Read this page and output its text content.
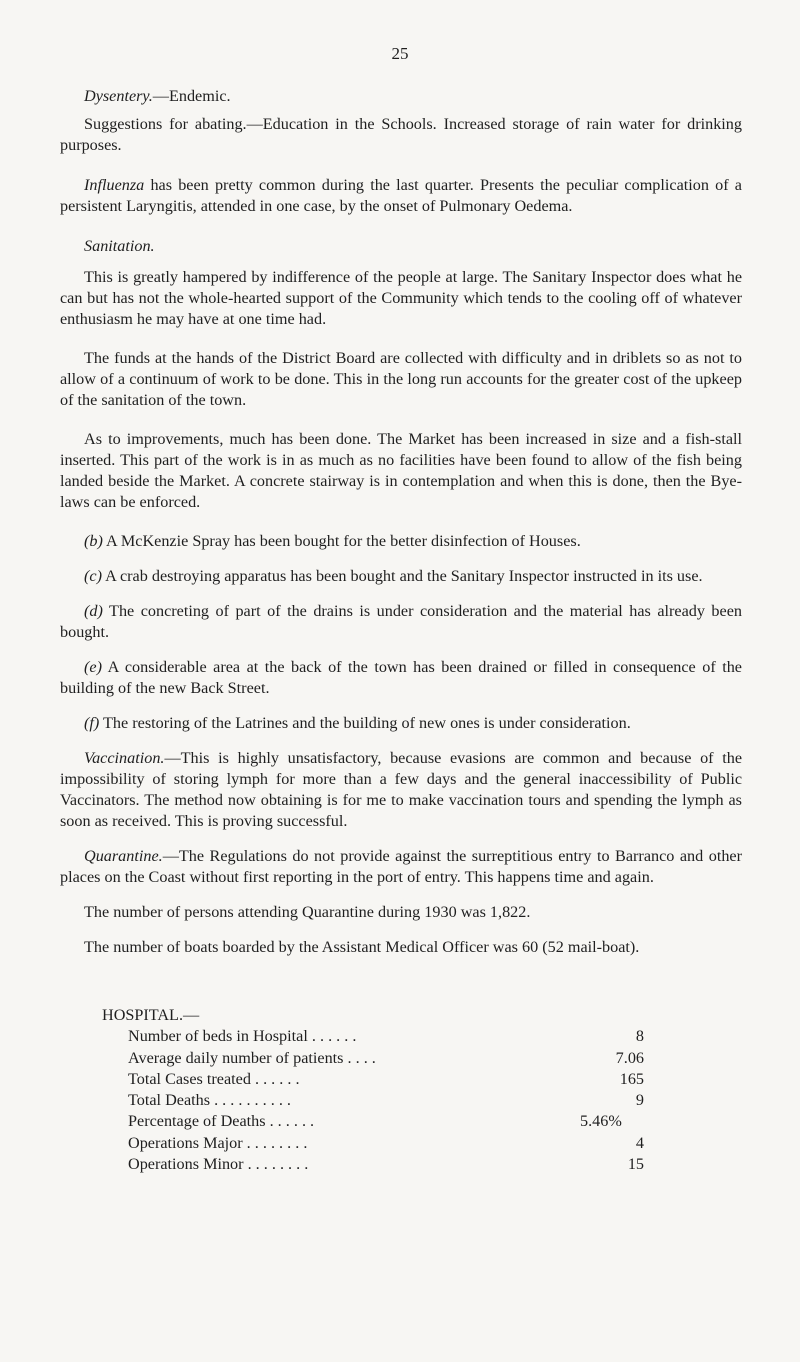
25

Dysentery.—Endemic.

Suggestions for abating.—Education in the Schools. Increased storage of rain water for drinking purposes.

Influenza has been pretty common during the last quarter. Presents the peculiar complication of a persistent Laryngitis, attended in one case, by the onset of Pulmonary Oedema.

Sanitation.

This is greatly hampered by indifference of the people at large. The Sanitary Inspector does what he can but has not the whole-hearted support of the Community which tends to the cooling off of whatever enthusiasm he may have at one time had.

The funds at the hands of the District Board are collected with difficulty and in driblets so as not to allow of a continuum of work to be done. This in the long run accounts for the greater cost of the upkeep of the sanitation of the town.

As to improvements, much has been done. The Market has been increased in size and a fish-stall inserted. This part of the work is in as much as no facilities have been found to allow of the fish being landed beside the Market. A concrete stairway is in contemplation and when this is done, then the Bye-laws can be enforced.

(b) A McKenzie Spray has been bought for the better disinfection of Houses.

(c) A crab destroying apparatus has been bought and the Sanitary Inspector instructed in its use.

(d) The concreting of part of the drains is under consideration and the material has already been bought.

(e) A considerable area at the back of the town has been drained or filled in consequence of the building of the new Back Street.

(f) The restoring of the Latrines and the building of new ones is under consideration.

Vaccination.—This is highly unsatisfactory, because evasions are common and because of the impossibility of storing lymph for more than a few days and the general inaccessibility of Public Vaccinators. The method now obtaining is for me to make vaccination tours and spending the lymph as soon as received. This is proving successful.

Quarantine.—The Regulations do not provide against the surreptitious entry to Barranco and other places on the Coast without first reporting in the port of entry. This happens time and again.

The number of persons attending Quarantine during 1930 was 1,822.

The number of boats boarded by the Assistant Medical Officer was 60 (52 mail-boat).

HOSPITAL.—
Number of beds in Hospital . . . . . .	8
Average daily number of patients . . . .	7.06
Total Cases treated . . . . . .	165
Total Deaths . . . . . . . . . .	9
Percentage of Deaths . . . . . .	5.46%
Operations Major . . . . . . . .	4
Operations Minor . . . . . . . .	15
